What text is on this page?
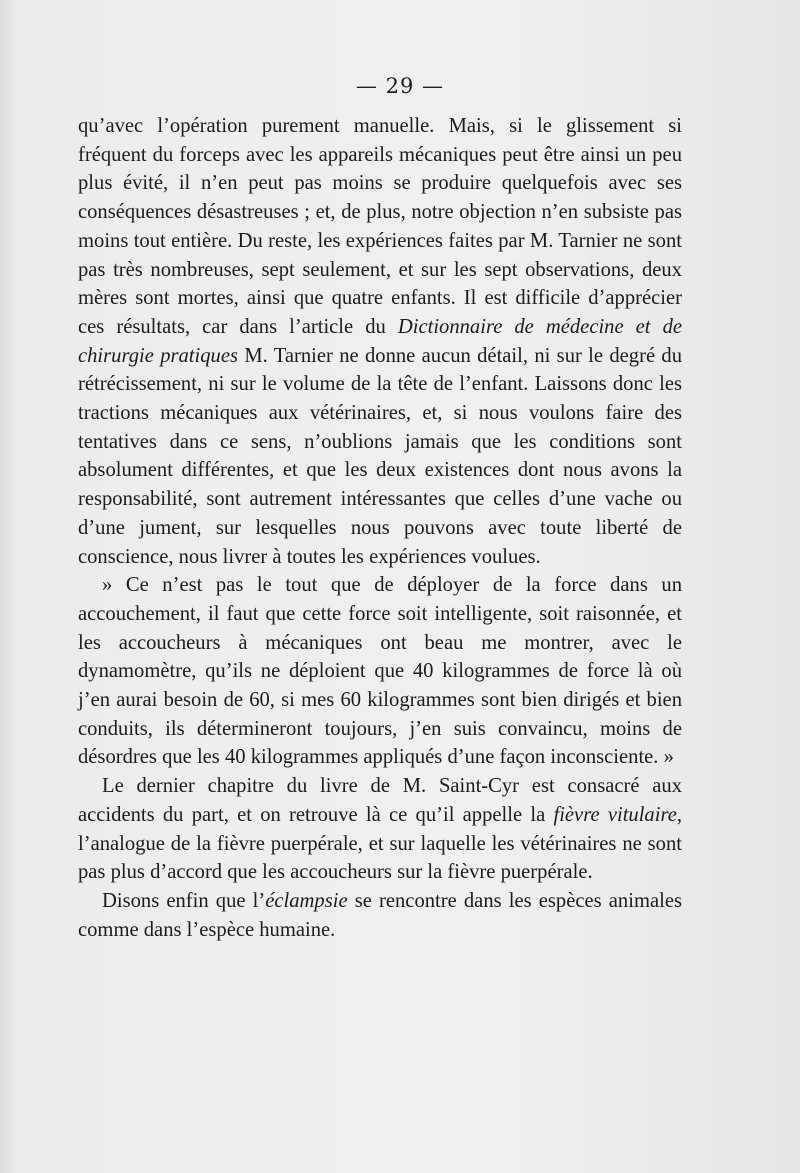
— 29 —

qu’avec l’opération purement manuelle. Mais, si le glissement si fréquent du forceps avec les appareils mécaniques peut être ainsi un peu plus évité, il n’en peut pas moins se produire quelquefois avec ses conséquences désastreuses ; et, de plus, notre objection n’en subsiste pas moins tout entière. Du reste, les expériences faites par M. Tarnier ne sont pas très nombreuses, sept seulement, et sur les sept observations, deux mères sont mortes, ainsi que quatre enfants. Il est difficile d’apprécier ces résultats, car dans l’article du Dictionnaire de médecine et de chirurgie pratiques M. Tarnier ne donne aucun détail, ni sur le degré du rétrécissement, ni sur le volume de la tête de l’enfant. Laissons donc les tractions mécaniques aux vétérinaires, et, si nous voulons faire des tentatives dans ce sens, n’oublions jamais que les conditions sont absolument différentes, et que les deux existences dont nous avons la responsabilité, sont autrement intéressantes que celles d’une vache ou d’une jument, sur lesquelles nous pouvons avec toute liberté de conscience, nous livrer à toutes les expériences voulues.

» Ce n’est pas le tout que de déployer de la force dans un accouchement, il faut que cette force soit intelligente, soit raisonnée, et les accoucheurs à mécaniques ont beau me montrer, avec le dynamomètre, qu’ils ne déploient que 40 kilogrammes de force là où j’en aurai besoin de 60, si mes 60 kilogrammes sont bien dirigés et bien conduits, ils détermineront toujours, j’en suis convaincu, moins de désordres que les 40 kilogrammes appliqués d’une façon inconsciente. »

Le dernier chapitre du livre de M. Saint-Cyr est consacré aux accidents du part, et on retrouve là ce qu’il appelle la fièvre vitulaire, l’analogue de la fièvre puerpérale, et sur laquelle les vétérinaires ne sont pas plus d’accord que les accoucheurs sur la fièvre puerpérale.

Disons enfin que l’éclampsie se rencontre dans les espèces animales comme dans l’espèce humaine.
